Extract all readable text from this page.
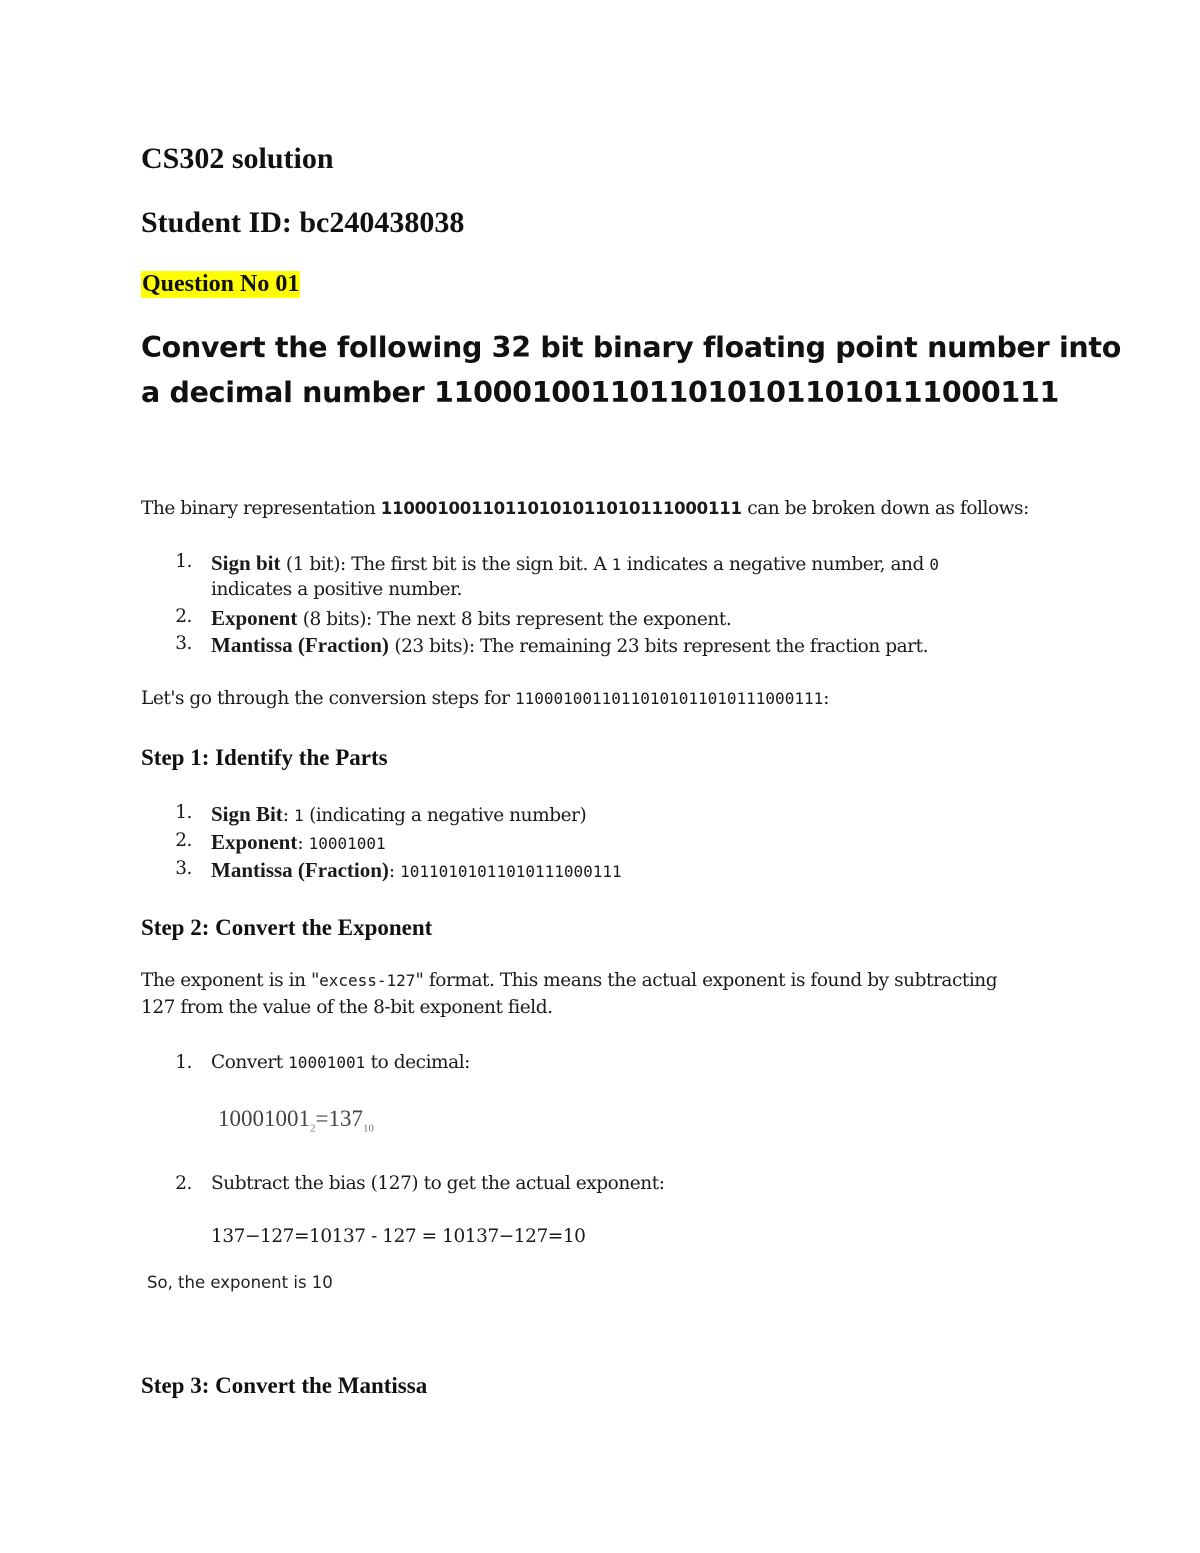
CS302 solution
Student ID: bc240438038
Question No 01
Convert the following 32 bit binary floating point number into
a decimal number 11000100110110101011010111000111
The binary representation 11000100110110101011010111000111 can be broken down as follows:
1. Sign bit (1 bit): The first bit is the sign bit. A 1 indicates a negative number, and 0
indicates a positive number.
2. Exponent (8 bits): The next 8 bits represent the exponent.
3. Mantissa (Fraction) (23 bits): The remaining 23 bits represent the fraction part.
Let's go through the conversion steps for 11000100110110101011010111000111:
Step 1: Identify the Parts
1. Sign Bit: 1 (indicating a negative number)
2. Exponent: 10001001
3. Mantissa (Fraction): 10110101011010111000111
Step 2: Convert the Exponent
The exponent is in "excess-127" format. This means the actual exponent is found by subtracting
127 from the value of the 8-bit exponent field.
1. Convert 10001001 to decimal:
$10001001_2=137_{10}$
2. Subtract the bias (127) to get the actual exponent:
137−127=10137 - 127 = 10137−127=10
So, the exponent is 10
Step 3: Convert the Mantissa
